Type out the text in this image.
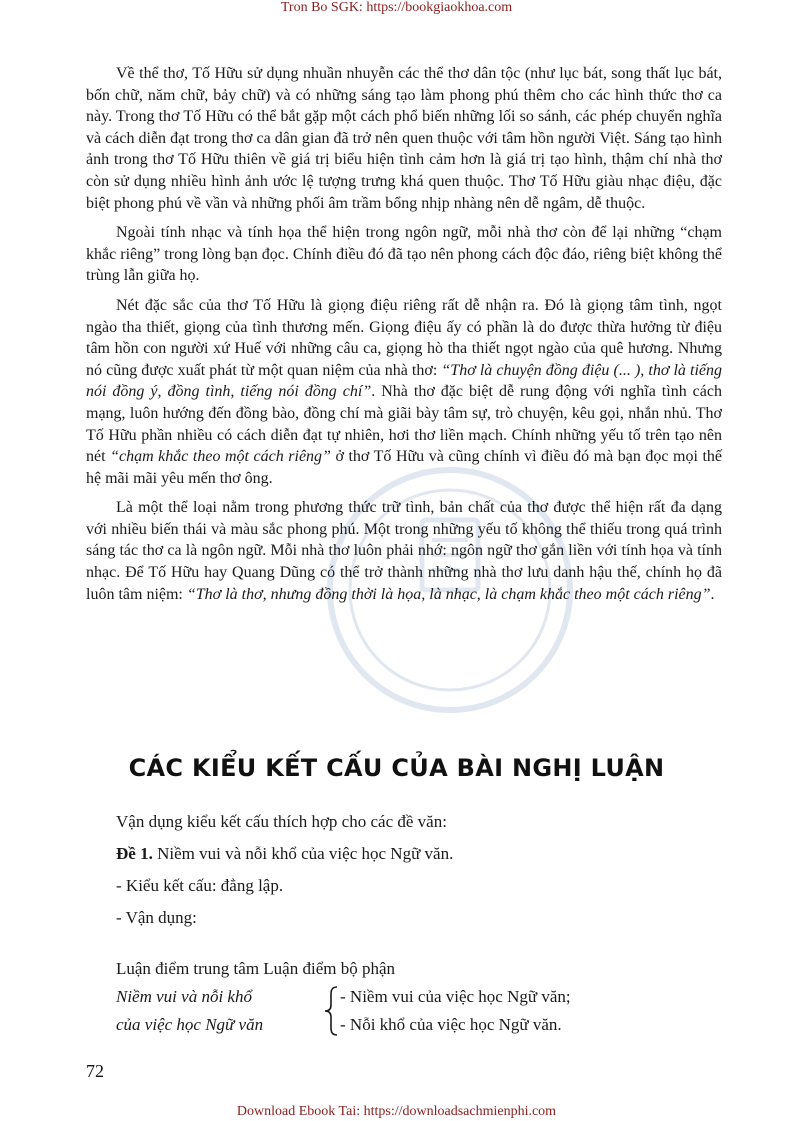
Tron Bo SGK: https://bookgiaokhoa.com

Về thể thơ, Tố Hữu sử dụng nhuần nhuyễn các thể thơ dân tộc (như lục bát, song thất lục bát, bốn chữ, năm chữ, bảy chữ) và có những sáng tạo làm phong phú thêm cho các hình thức thơ ca này. Trong thơ Tố Hữu có thể bắt gặp một cách phổ biến những lối so sánh, các phép chuyển nghĩa và cách diễn đạt trong thơ ca dân gian đã trở nên quen thuộc với tâm hồn người Việt. Sáng tạo hình ảnh trong thơ Tố Hữu thiên về giá trị biểu hiện tình cảm hơn là giá trị tạo hình, thậm chí nhà thơ còn sử dụng nhiều hình ảnh ước lệ tượng trưng khá quen thuộc. Thơ Tố Hữu giàu nhạc điệu, đặc biệt phong phú về vần và những phối âm trầm bổng nhịp nhàng nên dễ ngâm, dễ thuộc.

Ngoài tính nhạc và tính họa thể hiện trong ngôn ngữ, mỗi nhà thơ còn để lại những “chạm khắc riêng” trong lòng bạn đọc. Chính điều đó đã tạo nên phong cách độc đáo, riêng biệt không thể trùng lẫn giữa họ.

Nét đặc sắc của thơ Tố Hữu là giọng điệu riêng rất dễ nhận ra. Đó là giọng tâm tình, ngọt ngào tha thiết, giọng của tình thương mến. Giọng điệu ấy có phần là do được thừa hưởng từ điệu tâm hồn con người xứ Huế với những câu ca, giọng hò tha thiết ngọt ngào của quê hương. Nhưng nó cũng được xuất phát từ một quan niệm của nhà thơ: “Thơ là chuyện đồng điệu (... ), thơ là tiếng nói đồng ý, đồng tình, tiếng nói đồng chí”. Nhà thơ đặc biệt dễ rung động với nghĩa tình cách mạng, luôn hướng đến đồng bào, đồng chí mà giãi bày tâm sự, trò chuyện, kêu gọi, nhắn nhủ. Thơ Tố Hữu phần nhiều có cách diễn đạt tự nhiên, hơi thơ liền mạch. Chính những yếu tố trên tạo nên nét “chạm khắc theo một cách riêng” ở thơ Tố Hữu và cũng chính vì điều đó mà bạn đọc mọi thế hệ mãi mãi yêu mến thơ ông.

Là một thể loại nằm trong phương thức trữ tình, bản chất của thơ được thể hiện rất đa dạng với nhiều biến thái và màu sắc phong phú. Một trong những yếu tố không thể thiếu trong quá trình sáng tác thơ ca là ngôn ngữ. Mỗi nhà thơ luôn phải nhớ: ngôn ngữ thơ gắn liền với tính họa và tính nhạc. Để Tố Hữu hay Quang Dũng có thể trở thành những nhà thơ lưu danh hậu thế, chính họ đã luôn tâm niệm: “Thơ là thơ, nhưng đồng thời là họa, là nhạc, là chạm khắc theo một cách riêng”.

CÁC KIỂU KẾT CẤU CỦA BÀI NGHỊ LUẬN
Vận dụng kiểu kết cấu thích hợp cho các đề văn:
Đề 1. Niềm vui và nỗi khổ của việc học Ngữ văn.
- Kiểu kết cấu: đẳng lập.
- Vận dụng:
Luận điểm trung tâm Luận điểm bộ phận
Niềm vui và nỗi khổ
của việc học Ngữ văn
- Niềm vui của việc học Ngữ văn;
- Nỗi khổ của việc học Ngữ văn.
72
Download Ebook Tai: https://downloadsachmienphi.com
